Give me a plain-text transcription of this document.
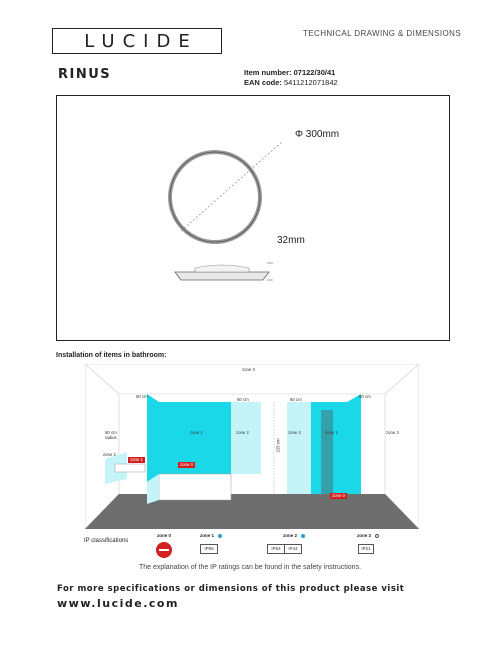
LUCIDE	TECHNICAL DRAWING & DIMENSIONS
RINUS	Item number: 07122/30/41
EAN code: 5411212071842
Φ 300mm
32mm
Installation of items in bathroom:
zone 3
60 cm
60 cm	60 cm
60 cm
60 cm
radius
zone 1	zone 2
225 cm
zone 2	zone 1	zone 3
zone 2
zone 1
zone 0
zone 0
IP classifications
zone 0	zone 1
IP65
zone 2
IP54	IP44
zone 3
IP21
The explanation of the IP ratings can be found in the safety instructions.
For more specifications or dimensions of this product please visit
www.lucide.com
